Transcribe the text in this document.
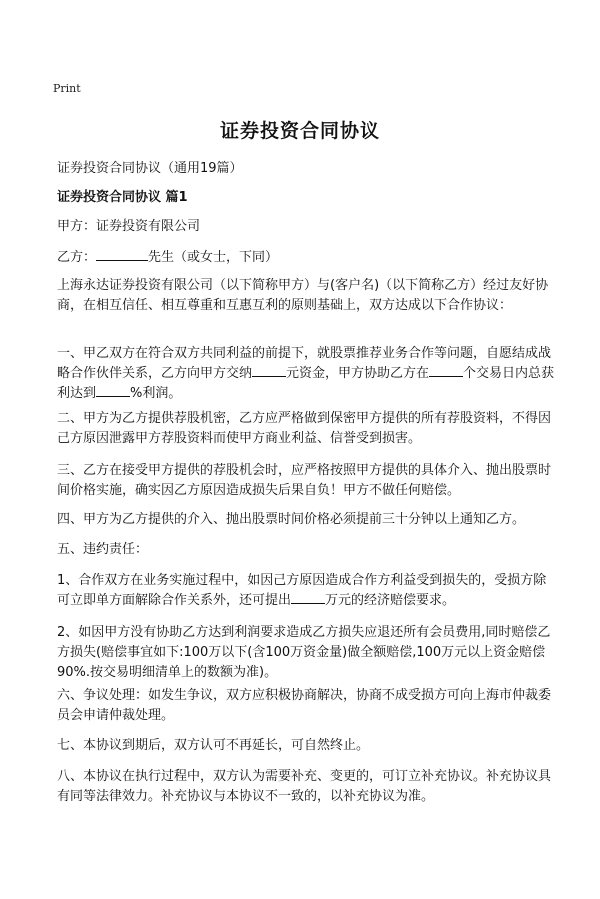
Print
证券投资合同协议
证券投资合同协议（通用19篇）
证券投资合同协议 篇1

甲方：证券投资有限公司

乙方：	先生（或女士，下同）

上海永达证券投资有限公司（以下简称甲方）与(客户名)（以下简称乙方）经过友好协商，在相互信任、相互尊重和互惠互利的原则基础上，双方达成以下合作协议：

一、甲乙双方在符合双方共同利益的前提下，就股票推荐业务合作等问题，自愿结成战略合作伙伴关系，乙方向甲方交纳	元资金，甲方协助乙方在	个交易日内总获利达到	%利润。

二、甲方为乙方提供荐股机密，乙方应严格做到保密甲方提供的所有荐股资料，不得因己方原因泄露甲方荐股资料而使甲方商业利益、信誉受到损害。

三、乙方在接受甲方提供的荐股机会时，应严格按照甲方提供的具体介入、抛出股票时间价格实施，确实因乙方原因造成损失后果自负！甲方不做任何赔偿。

四、甲方为乙方提供的介入、抛出股票时间价格必须提前三十分钟以上通知乙方。

五、违约责任：

1、合作双方在业务实施过程中，如因己方原因造成合作方利益受到损失的，受损方除可立即单方面解除合作关系外，还可提出	万元的经济赔偿要求。

2、如因甲方没有协助乙方达到利润要求造成乙方损失应退还所有会员费用,同时赔偿乙方损失(赔偿事宜如下:100万以下(含100万资金量)做全额赔偿,100万元以上资金赔偿90%.按交易明细清单上的数额为准)。

六、争议处理：如发生争议，双方应积极协商解决，协商不成受损方可向上海市仲裁委员会申请仲裁处理。

七、本协议到期后，双方认可不再延长，可自然终止。

八、本协议在执行过程中，双方认为需要补充、变更的，可订立补充协议。补充协议具有同等法律效力。补充协议与本协议不一致的，以补充协议为准。
